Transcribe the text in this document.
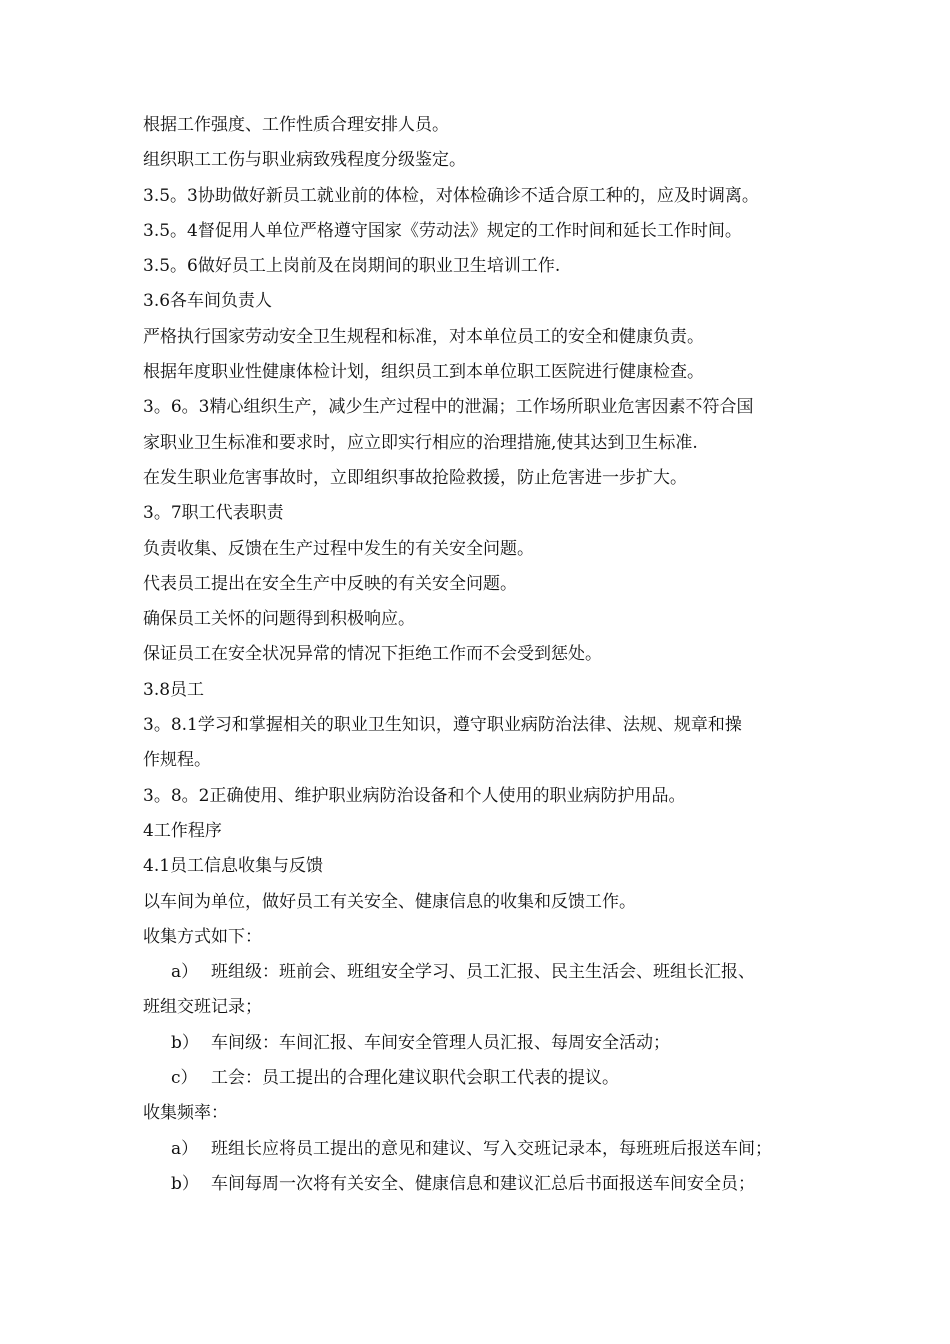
根据工作强度、工作性质合理安排人员。
组织职工工伤与职业病致残程度分级鉴定。
3.5。3协助做好新员工就业前的体检，对体检确诊不适合原工种的，应及时调离。
3.5。4督促用人单位严格遵守国家《劳动法》规定的工作时间和延长工作时间。
3.5。6做好员工上岗前及在岗期间的职业卫生培训工作.
3.6各车间负责人
严格执行国家劳动安全卫生规程和标准，对本单位员工的安全和健康负责。
根据年度职业性健康体检计划，组织员工到本单位职工医院进行健康检查。
3。6。3精心组织生产，减少生产过程中的泄漏；工作场所职业危害因素不符合国
家职业卫生标准和要求时，应立即实行相应的治理措施,使其达到卫生标准.
在发生职业危害事故时，立即组织事故抢险救援，防止危害进一步扩大。
3。7职工代表职责
负责收集、反馈在生产过程中发生的有关安全问题。
代表员工提出在安全生产中反映的有关安全问题。
确保员工关怀的问题得到积极响应。
保证员工在安全状况异常的情况下拒绝工作而不会受到惩处。
3.8员工
3。8.1学习和掌握相关的职业卫生知识，遵守职业病防治法律、法规、规章和操
作规程。
3。8。2正确使用、维护职业病防治设备和个人使用的职业病防护用品。
4工作程序
4.1员工信息收集与反馈
以车间为单位，做好员工有关安全、健康信息的收集和反馈工作。
收集方式如下：
a） 班组级：班前会、班组安全学习、员工汇报、民主生活会、班组长汇报、
班组交班记录；
b） 车间级：车间汇报、车间安全管理人员汇报、每周安全活动；
c） 工会：员工提出的合理化建议职代会职工代表的提议。
收集频率：
a） 班组长应将员工提出的意见和建议、写入交班记录本，每班班后报送车间；
b） 车间每周一次将有关安全、健康信息和建议汇总后书面报送车间安全员；
